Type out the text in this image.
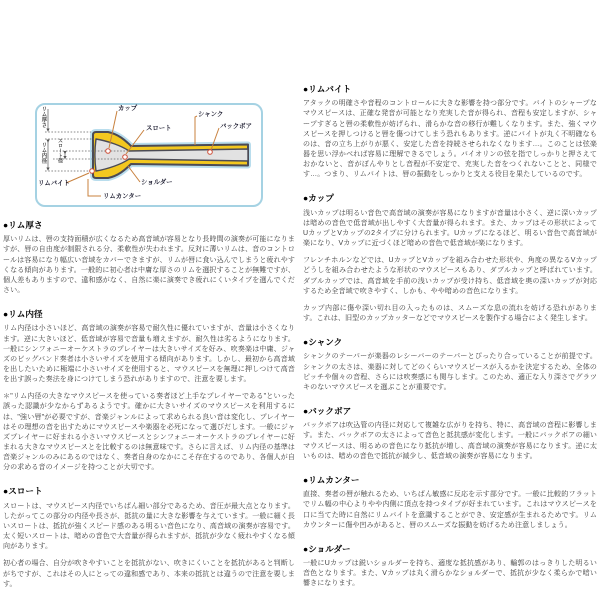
カップ
スロート
シャンク
バックボア
リムバイト	ショルダー
リムカンター
リム厚さ
リム内径 スロート径
●リム厚さ

厚いリムは、唇の支持面積が広くなるため高音域が容易となり長時間の演奏が可能になりますが、唇の自由度が制限される分、柔軟性が失われます。反対に薄いリムは、音のコントロールは容易になり幅広い音域をカバーできますが、リムが唇に食い込んでしまうと疲れやすくなる傾向があります。一般的に初心者は中庸な厚さのリムを選択することが無難ですが、個人差もありますので、違和感がなく、自然に楽に演奏でき疲れにくいタイプを選んでください。

●リム内径

リム内径は小さいほど、高音域の演奏が容易で耐久性に優れていますが、音量は小さくなります。逆に大きいほど、低音域が容易で音量も増えますが、耐久性は劣るようになります。一般にシンフォニーオーケストラのプレイヤーは大きいサイズを好み、吹奏楽は中庸、ジャズのビッグバンド奏者は小さいサイズを使用する傾向があります。しかし、最初から高音域を出したいために極端に小さいサイズを使用すると、マウスピースを無理に押しつけて高音を出す誤った奏法を身につけてしまう恐れがありますので、注意を要します。

＊"リム内径の大きなマウスピースを使っている奏者ほど上手なプレイヤーである"といった誤った認識が少なからずあるようです。確かに大きいサイズのマウスピースを利用するには、"強い唇"が必要ですが、音楽ジャンルによって求められる良い音は変化し、プレイヤーはその理想の音を出すためにマウスピースや楽器を必死になって選びだします。一般にジャズプレイヤーに好まれる小さいマウスピースとシンフォニーオーケストラのプレイヤーに好まれる大きなマウスピースとを比較するのは無意味です。さらに言えば、リム内径の基準は音楽ジャンルのみにあるのではなく、奏者自身のなかにこそ存在するのであり、各個人が自分の求める音のイメージを持つことが大切です。

●スロート

スロートは、マウスピース内径でいちばん細い部分であるため、音圧が最大点となります。したがってこの部分の内径や長さが、抵抗の量に大きな影響を与えています。一般に細く長いスロートは、抵抗が強くスピード感のある明るい音色になり、高音域の演奏が容易です。太く短いスロートは、暗めの音色で大音量が得られますが、抵抗が少なく疲れやすくなる傾向があります。

初心者の場合、自分が吹きやすいことを抵抗がない、吹きにくいことを抵抗があると判断しがちですが、これはその人にとっての違和感であり、本来の抵抗とは違うので注意を要します。

●リムバイト

アタックの明確さや音程のコントロールに大きな影響を持つ部分です。バイトのシャープなマウスピースは、正確な発音が可能となり充実した音が得られ、音程も安定しますが、シャープすぎると唇の柔軟性が妨げられ、滑らかな音の移行が難しくなります。また、強くマウスピースを押しつけると唇を傷つけてしまう恐れもあります。逆にバイトが丸く不明確なものは、音の立ち上がりが悪く、安定した音を持続させられなくなります…。このことは弦楽器を思い浮かべれば容易に理解できるでしょう。バイオリンの弦を指でしっかりと押さえておかないと、音がぼんやりとし音程が不安定で、充実した音をつくれないことと、同様です…。つまり、リムバイトは、唇の振動をしっかりと支える役目を果たしているのです。

●カップ

浅いカップは明るい音色で高音域の演奏が容易になりますが音量は小さく、逆に深いカップは暗めの音色で低音域が出しやすく大音量が得られます。また、カップはその形状によってUカップとVカップの2タイプに分けられます。Uカップになるほど、明るい音色で高音域が楽になり、Vカップに近づくほど暗めの音色で低音域が楽になります。

フレンチホルンなどでは、UカップとVカップを組み合わせた形状や、角度の異なるVカップどうしを組み合わせたような形状のマウスピースもあり、ダブルカップと呼ばれています。ダブルカップでは、高音域を手前の浅いカップが受け持ち、低音域を奥の深いカップが対応するため全音域で吹きやすく、しかも、やや暗めの音色になります。

カップ内部に傷や深い切れ目の入ったものは、スムーズな息の流れを妨げる恐れがあります。これは、旧型のカップカッターなどでマウスピースを製作する場合によく発生します。

●シャンク

シャンクのテーパーが楽器のレシーバーのテーパーとぴったり合っていることが前提です。シャンクの太さは、楽器に対してどのくらいマウスピースが入るかを決定するため、全体のピッチや個々の音程、さらには吹奏感にも関与します。このため、適正な入り深さでグラツキのないマウスピースを選ぶことが重要です。

●バックボア

バックボアは吹込管の内径に対応して複雑な広がりを持ち、特に、高音域の音程に影響します。また、バックボアの太さによって音色と抵抗感が変化します。一般にバックボアの細いマウスピースは、明るめの音色になり抵抗が増し、高音域の演奏が容易になります。逆に太いものは、暗めの音色で抵抗が減少し、低音域の演奏が容易になります。

●リムカンター

直接、奏者の唇が触れるため、いちばん敏感に反応を示す部分です。一般に比較的フラットでリム幅の中心よりやや内側に頂点を持つタイプが好まれています。これはマウスピースを口に当てた時に自然にリムバイトを意識することができ、安定感が生まれるためです。リムカウンターに傷や凹みがあると、唇のスムーズな振動を妨げるため注意しましょう。

●ショルダー

一般にUカップは鋭いショルダーを持ち、適度な抵抗感があり、輪郭のはっきりした明るい音色となります。また、Vカップは丸く滑らかなショルダーで、抵抗が少なく柔らかで暗い響きになります。
